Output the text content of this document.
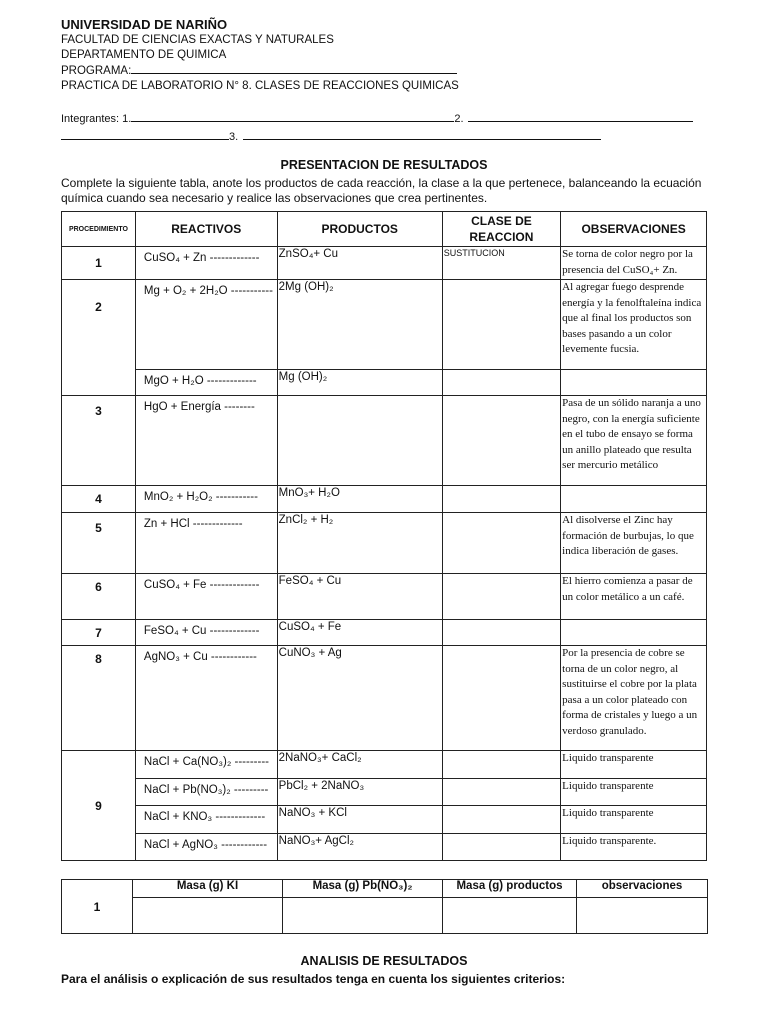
UNIVERSIDAD DE NARIÑO
FACULTAD DE CIENCIAS EXACTAS Y NATURALES
DEPARTAMENTO DE QUIMICA
PROGRAMA:
PRACTICA DE LABORATORIO N° 8. CLASES DE REACCIONES QUIMICAS
Integrantes: 1.	2.
3.
PRESENTACION DE RESULTADOS
Complete la siguiente tabla, anote los productos de cada reacción, la clase a la que pertenece, balanceando la ecuación química cuando sea necesario y realice las observaciones que crea pertinentes.
PROCEDIMIENTO	REACTIVOS	PRODUCTOS	CLASE DE REACCION	OBSERVACIONES
1	CuSO₄ + Zn -------------	ZnSO₄+ Cu	SUSTITUCION	Se torna de color negro por la presencia del CuSO₄+ Zn.
2	Mg + O₂ + 2H₂O -----------	2Mg (OH)₂		Al agregar fuego desprende energía y la fenolftaleína indica que al final los productos son bases pasando a un color levemente fucsia.
	MgO + H₂O -------------	Mg (OH)₂		
3	HgO + Energía --------			Pasa de un sólido naranja a uno negro, con la energía suficiente en el tubo de ensayo se forma un anillo plateado que resulta ser mercurio metálico
4	MnO₂ + H₂O₂ -----------	MnO₃+ H₂O		
5	Zn + HCl -------------	ZnCl₂ + H₂		Al disolverse el Zinc hay formación de burbujas, lo que indica liberación de gases.
6	CuSO₄ + Fe -------------	FeSO₄ + Cu		El hierro comienza a pasar de un color metálico a un café.
7	FeSO₄ + Cu -------------	CuSO₄ + Fe		
8	AgNO₃ + Cu ------------	CuNO₃ + Ag		Por la presencia de cobre se torna de un color negro, al sustituirse el cobre por la plata pasa a un color plateado con forma de cristales y luego a un verdoso granulado.
9	NaCl + Ca(NO₃)₂ ---------	2NaNO₃+ CaCl₂		Liquido transparente
	NaCl + Pb(NO₃)₂ ---------	PbCl₂ + 2NaNO₃		Liquido transparente
	NaCl + KNO₃ -------------	NaNO₃ + KCl		Liquido transparente
	NaCl + AgNO₃ ------------	NaNO₃+ AgCl₂		Liquido transparente.
1	Masa (g) KI	Masa (g) Pb(NO₃)₂	Masa (g) productos	observaciones

ANALISIS DE RESULTADOS
Para el análisis o explicación de sus resultados tenga en cuenta los siguientes criterios:
